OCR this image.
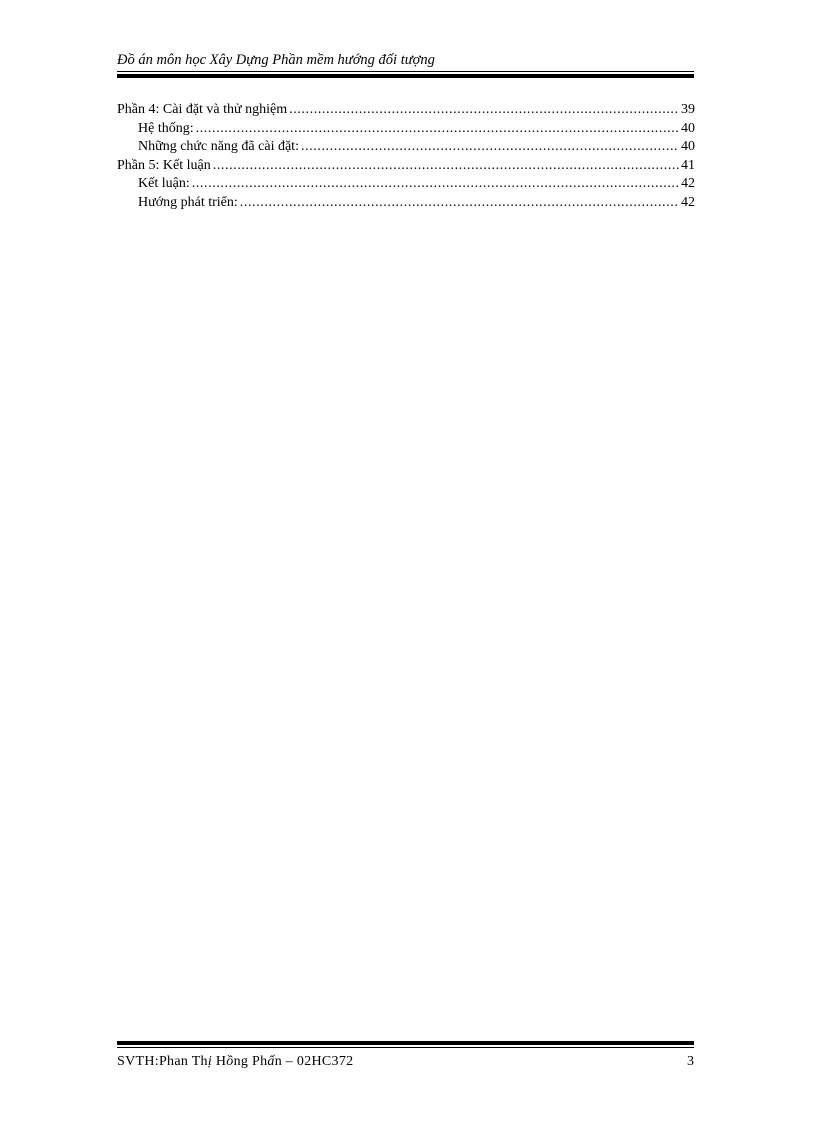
Đồ án môn học Xây Dựng Phần mềm hướng đối tượng
Phần 4: Cài đặt và thử nghiệm .....	39
Hệ thống: .....	40
Những chức năng đã cài đặt: .....	40
Phần 5: Kết luận .....	41
Kết luận: .....	42
Hướng phát triển: .....	42
SVTH:Phan Thị Hồng Phấn – 02HC372	3
